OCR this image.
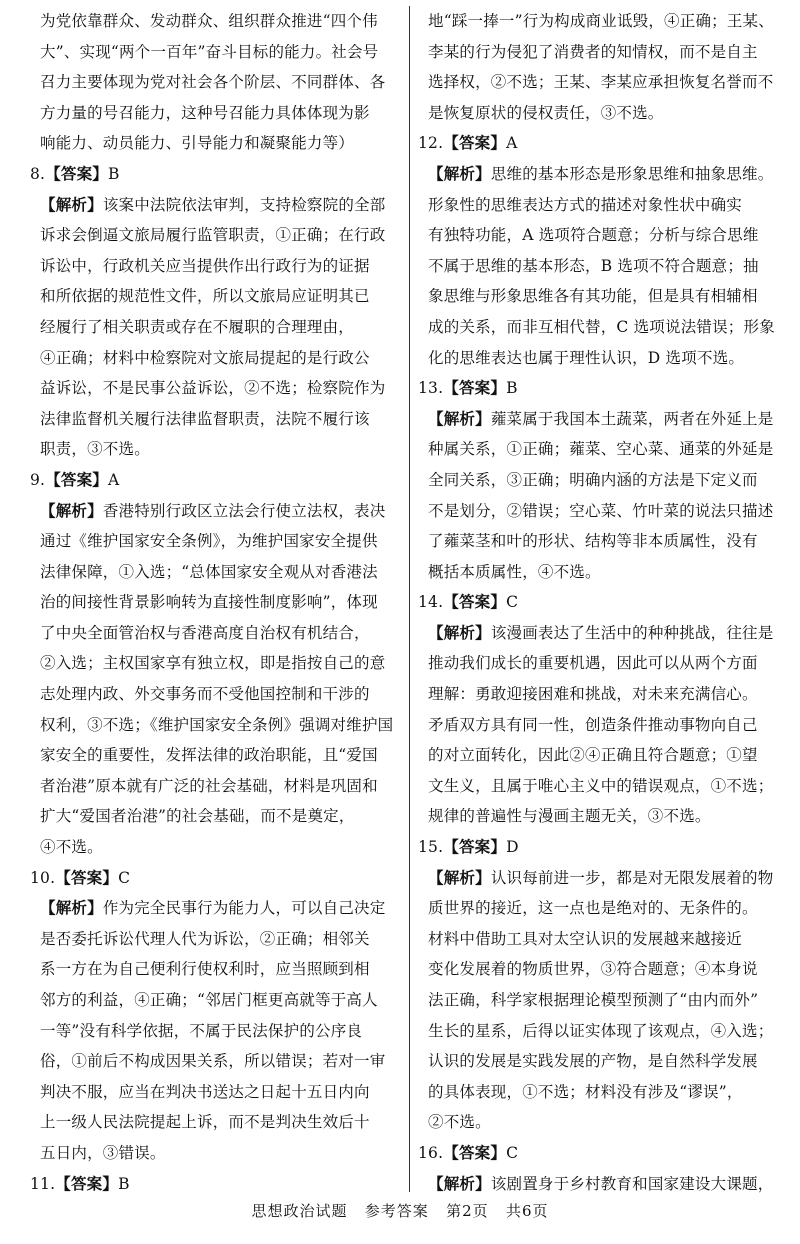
为党依靠群众、发动群众、组织群众推进“四个伟
大”、实现“两个一百年”奋斗目标的能力。社会号
召力主要体现为党对社会各个阶层、不同群体、各
方力量的号召能力，这种号召能力具体体现为影
响能力、动员能力、引导能力和凝聚能力等）
8.【答案】B
【解析】该案中法院依法审判，支持检察院的全部
诉求会倒逼文旅局履行监管职责，①正确；在行政
诉讼中，行政机关应当提供作出行政行为的证据
和所依据的规范性文件，所以文旅局应证明其已
经履行了相关职责或存在不履职的合理理由，
④正确；材料中检察院对文旅局提起的是行政公
益诉讼，不是民事公益诉讼，②不选；检察院作为
法律监督机关履行法律监督职责，法院不履行该
职责，③不选。
9.【答案】A
【解析】香港特别行政区立法会行使立法权，表决
通过《维护国家安全条例》，为维护国家安全提供
法律保障，①入选；“总体国家安全观从对香港法
治的间接性背景影响转为直接性制度影响”，体现
了中央全面管治权与香港高度自治权有机结合，
②入选；主权国家享有独立权，即是指按自己的意
志处理内政、外交事务而不受他国控制和干涉的
权利，③不选；《维护国家安全条例》强调对维护国
家安全的重要性，发挥法律的政治职能，且“爱国
者治港”原本就有广泛的社会基础，材料是巩固和
扩大“爱国者治港”的社会基础，而不是奠定，
④不选。
10.【答案】C
【解析】作为完全民事行为能力人，可以自己决定
是否委托诉讼代理人代为诉讼，②正确；相邻关
系一方在为自己便利行使权利时，应当照顾到相
邻方的利益，④正确；“邻居门框更高就等于高人
一等”没有科学依据，不属于民法保护的公序良
俗，①前后不构成因果关系，所以错误；若对一审
判决不服，应当在判决书送达之日起十五日内向
上一级人民法院提起上诉，而不是判决生效后十
五日内，③错误。
11.【答案】B
地“踩一捧一”行为构成商业诋毁，④正确；王某、
李某的行为侵犯了消费者的知情权，而不是自主
选择权，②不选；王某、李某应承担恢复名誉而不
是恢复原状的侵权责任，③不选。
12.【答案】A
【解析】思维的基本形态是形象思维和抽象思维。
形象性的思维表达方式的描述对象性状中确实
有独特功能，A 选项符合题意；分析与综合思维
不属于思维的基本形态，B 选项不符合题意；抽
象思维与形象思维各有其功能，但是具有相辅相
成的关系，而非互相代替，C 选项说法错误；形象
化的思维表达也属于理性认识，D 选项不选。
13.【答案】B
【解析】蕹菜属于我国本土蔬菜，两者在外延上是
种属关系，①正确；蕹菜、空心菜、通菜的外延是
全同关系，③正确；明确内涵的方法是下定义而
不是划分，②错误；空心菜、竹叶菜的说法只描述
了蕹菜茎和叶的形状、结构等非本质属性，没有
概括本质属性，④不选。
14.【答案】C
【解析】该漫画表达了生活中的种种挑战，往往是
推动我们成长的重要机遇，因此可以从两个方面
理解：勇敢迎接困难和挑战，对未来充满信心。
矛盾双方具有同一性，创造条件推动事物向自己
的对立面转化，因此②④正确且符合题意；①望
文生义，且属于唯心主义中的错误观点，①不选；
规律的普遍性与漫画主题无关，③不选。
15.【答案】D
【解析】认识每前进一步，都是对无限发展着的物
质世界的接近，这一点也是绝对的、无条件的。
材料中借助工具对太空认识的发展越来越接近
变化发展着的物质世界，③符合题意；④本身说
法正确，科学家根据理论模型预测了“由内而外”
生长的星系，后得以证实体现了该观点，④入选；
认识的发展是实践发展的产物，是自然科学发展
的具体表现，①不选；材料没有涉及“谬误”，
②不选。
16.【答案】C
【解析】该剧置身于乡村教育和国家建设大课题，
思想政治试题 参考答案 第2页 共6页
